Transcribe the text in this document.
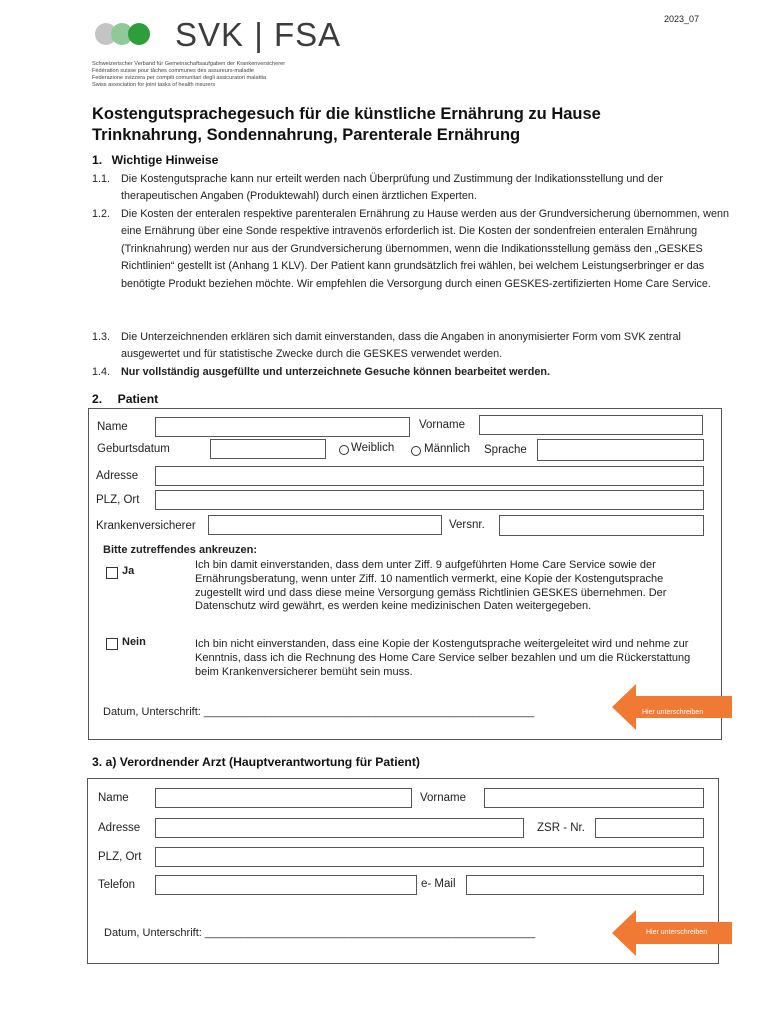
2023_07
SVK | FSA
Schweizerischer Verband für Gemeinschaftsaufgaben der Krankenversicherer
Fédération suisse pour tâches communes des assureurs-maladie
Federazione svizzera per compiti comunitari degli assicuratori malattia
Swiss association for joint tasks of health insurers
Kostengutsprachegesuch für die künstliche Ernährung zu Hause
Trinknahrung, Sondennahrung, Parenterale Ernährung
1. Wichtige Hinweise
1.1. Die Kostengutsprache kann nur erteilt werden nach Überprüfung und Zustimmung der Indikationsstellung und der therapeutischen Angaben (Produktewahl) durch einen ärztlichen Experten.
1.2. Die Kosten der enteralen respektive parenteralen Ernährung zu Hause werden aus der Grundversicherung übernommen, wenn eine Ernährung über eine Sonde respektive intravenös erforderlich ist. Die Kosten der sondenfreien enteralen Ernährung (Trinknahrung) werden nur aus der Grundversicherung übernommen, wenn die Indikationsstellung gemäss den „GESKES Richtlinien“ gestellt ist (Anhang 1 KLV). Der Patient kann grundsätzlich frei wählen, bei welchem Leistungserbringer er das benötigte Produkt beziehen möchte. Wir empfehlen die Versorgung durch einen GESKES-zertifizierten Home Care Service.
1.3. Die Unterzeichnenden erklären sich damit einverstanden, dass die Angaben in anonymisierter Form vom SVK zentral ausgewertet und für statistische Zwecke durch die GESKES verwendet werden.
1.4. Nur vollständig ausgefüllte und unterzeichnete Gesuche können bearbeitet werden.
2. Patient
Name	Vorname
Geburtsdatum	Weiblich	Männlich Sprache
Adresse
PLZ, Ort
Krankenversicherer	Versnr.
Bitte zutreffendes ankreuzen:
Ja	Ich bin damit einverstanden, dass dem unter Ziff. 9 aufgeführten Home Care Service sowie der Ernährungsberatung, wenn unter Ziff. 10 namentlich vermerkt, eine Kopie der Kostengutsprache zugestellt wird und dass diese meine Versorgung gemäss Richtlinien GESKES übernehmen. Der Datenschutz wird gewährt, es werden keine medizinischen Daten weitergegeben.
Nein	Ich bin nicht einverstanden, dass eine Kopie der Kostengutsprache weitergeleitet wird und nehme zur Kenntnis, dass ich die Rechnung des Home Care Service selber bezahlen und um die Rückerstattung beim Krankenversicherer bemüht sein muss.
Datum, Unterschrift: ______________________________________________________	Hier unterschreiben
3. a) Verordnender Arzt (Hauptverantwortung für Patient)
Name	Vorname
Adresse	ZSR - Nr.
PLZ, Ort
Telefon	e- Mail
Datum, Unterschrift: ______________________________________________________	Hier unterschreiben
